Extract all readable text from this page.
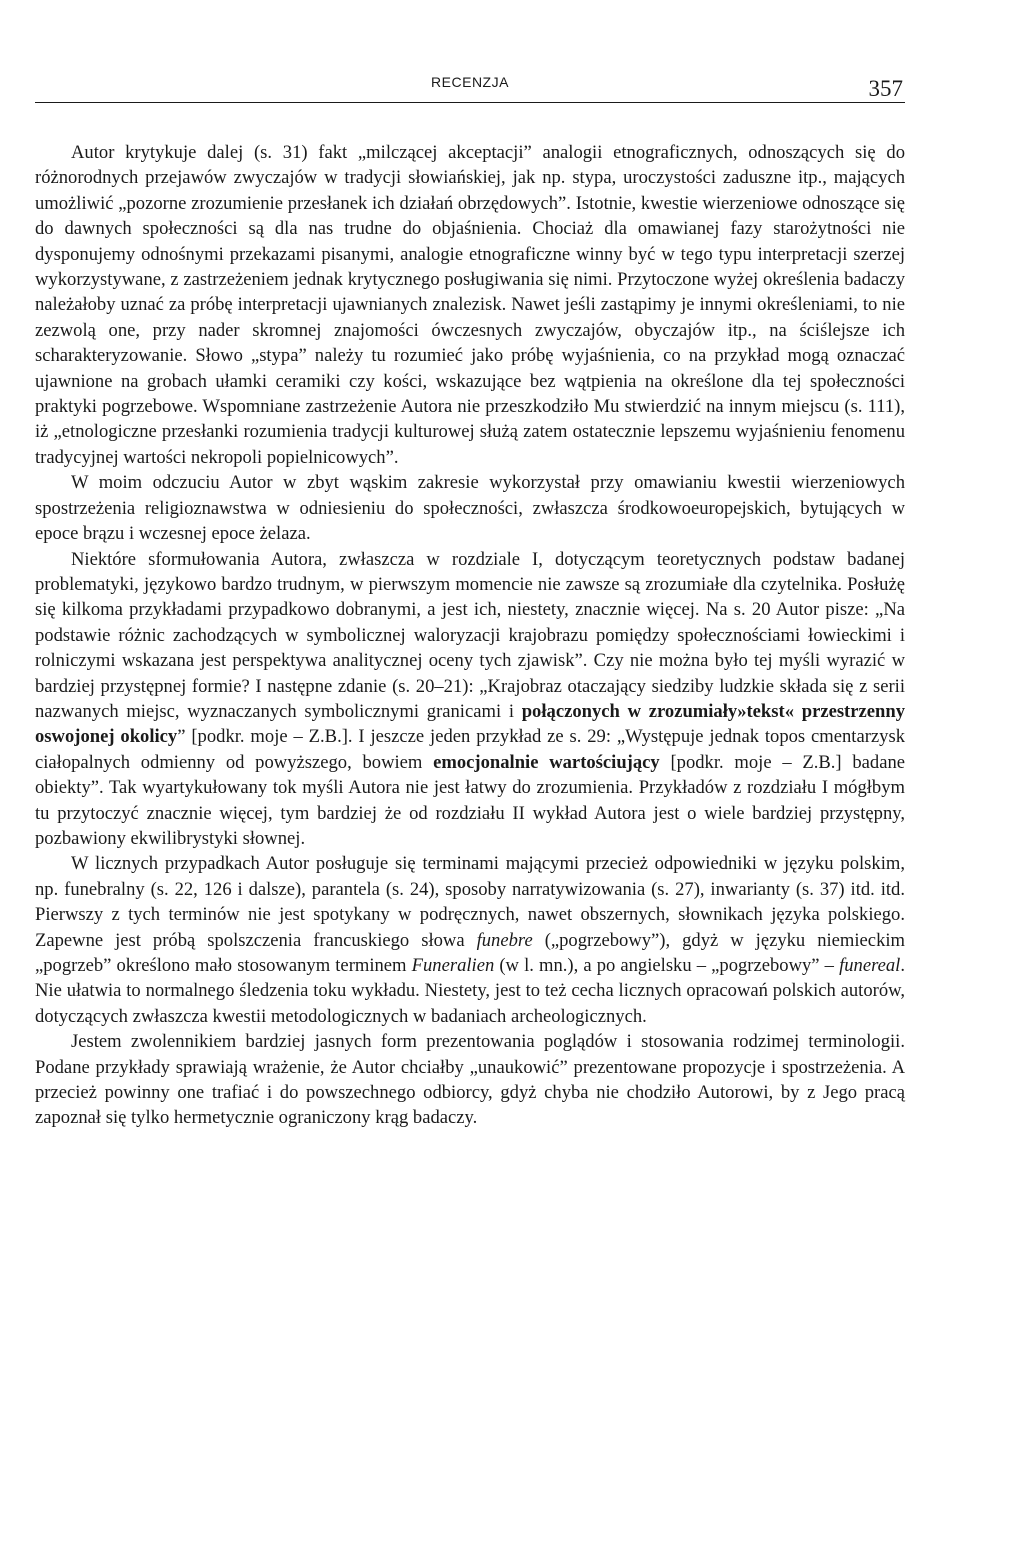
RECENZJA	357

Autor krytykuje dalej (s. 31) fakt „milczącej akceptacji” analogii etnograficznych, odnoszących się do różnorodnych przejawów zwyczajów w tradycji słowiańskiej, jak np. stypa, uroczystości zaduszne itp., mających umożliwić „pozorne zrozumienie przesłanek ich działań obrzędowych”. Istotnie, kwestie wierzeniowe odnoszące się do dawnych społeczności są dla nas trudne do objaśnienia. Chociaż dla omawianej fazy starożytności nie dysponujemy odnośnymi przekazami pisanymi, analogie etnograficzne winny być w tego typu interpretacji szerzej wykorzystywane, z zastrzeżeniem jednak krytycznego posługiwania się nimi. Przytoczone wyżej określenia badaczy należałoby uznać za próbę interpretacji ujawnianych znalezisk. Nawet jeśli zastąpimy je innymi określeniami, to nie zezwolą one, przy nader skromnej znajomości ówczesnych zwyczajów, obyczajów itp., na ściślejsze ich scharakteryzowanie. Słowo „stypa” należy tu rozumieć jako próbę wyjaśnienia, co na przykład mogą oznaczać ujawnione na grobach ułamki ceramiki czy kości, wskazujące bez wątpienia na określone dla tej społeczności praktyki pogrzebowe. Wspomniane zastrzeżenie Autora nie przeszkodziło Mu stwierdzić na innym miejscu (s. 111), iż „etnologiczne przesłanki rozumienia tradycji kulturowej służą zatem ostatecznie lepszemu wyjaśnieniu fenomenu tradycyjnej wartości nekropoli popielnicowych”.

W moim odczuciu Autor w zbyt wąskim zakresie wykorzystał przy omawianiu kwestii wierzeniowych spostrzeżenia religioznawstwa w odniesieniu do społeczności, zwłaszcza środkowoeuropejskich, bytujących w epoce brązu i wczesnej epoce żelaza.

Niektóre sformułowania Autora, zwłaszcza w rozdziale I, dotyczącym teoretycznych podstaw badanej problematyki, językowo bardzo trudnym, w pierwszym momencie nie zawsze są zrozumiałe dla czytelnika. Posłużę się kilkoma przykładami przypadkowo dobranymi, a jest ich, niestety, znacznie więcej. Na s. 20 Autor pisze: „Na podstawie różnic zachodzących w symbolicznej waloryzacji krajobrazu pomiędzy społecznościami łowieckimi i rolniczymi wskazana jest perspektywa analitycznej oceny tych zjawisk”. Czy nie można było tej myśli wyrazić w bardziej przystępnej formie? I następne zdanie (s. 20–21): „Krajobraz otaczający siedziby ludzkie składa się z serii nazwanych miejsc, wyznaczanych symbolicznymi granicami i połączonych w zrozumiały»tekst« przestrzenny oswojonej okolicy” [podkr. moje – Z.B.]. I jeszcze jeden przykład ze s. 29: „Występuje jednak topos cmentarzysk ciałopalnych odmienny od powyższego, bowiem emocjonalnie wartościujący [podkr. moje – Z.B.] badane obiekty”. Tak wyartykułowany tok myśli Autora nie jest łatwy do zrozumienia. Przykładów z rozdziału I mógłbym tu przytoczyć znacznie więcej, tym bardziej że od rozdziału II wykład Autora jest o wiele bardziej przystępny, pozbawiony ekwilibrystyki słownej.

W licznych przypadkach Autor posługuje się terminami mającymi przecież odpowiedniki w języku polskim, np. funebralny (s. 22, 126 i dalsze), parantela (s. 24), sposoby narratywizowania (s. 27), inwarianty (s. 37) itd. itd. Pierwszy z tych terminów nie jest spotykany w podręcznych, nawet obszernych, słownikach języka polskiego. Zapewne jest próbą spolszczenia francuskiego słowa funebre („pogrzebowy”), gdyż w języku niemieckim „pogrzeb” określono mało stosowanym terminem Funeralien (w l. mn.), a po angielsku – „pogrzebowy” – funereal. Nie ułatwia to normalnego śledzenia toku wykładu. Niestety, jest to też cecha licznych opracowań polskich autorów, dotyczących zwłaszcza kwestii metodologicznych w badaniach archeologicznych.

Jestem zwolennikiem bardziej jasnych form prezentowania poglądów i stosowania rodzimej terminologii. Podane przykłady sprawiają wrażenie, że Autor chciałby „unaukowić” prezentowane propozycje i spostrzeżenia. A przecież powinny one trafiać i do powszechnego odbiorcy, gdyż chyba nie chodziło Autorowi, by z Jego pracą zapoznał się tylko hermetycznie ograniczony krąg badaczy.
